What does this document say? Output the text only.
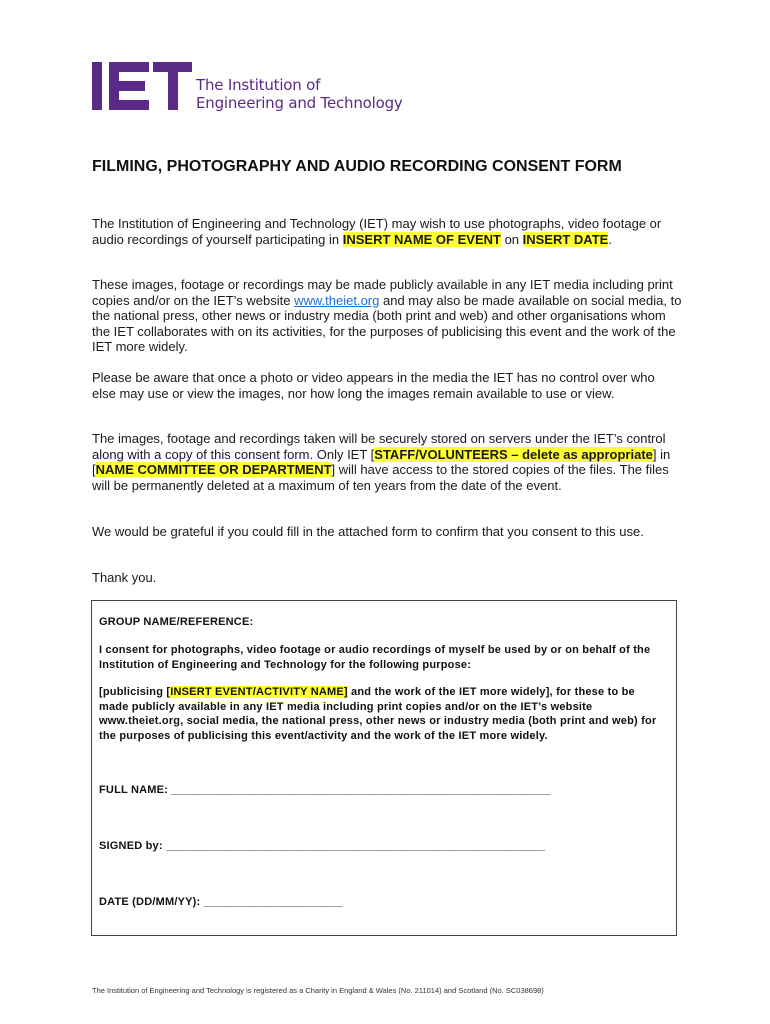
The Institution of
Engineering and Technology
FILMING, PHOTOGRAPHY AND AUDIO RECORDING CONSENT FORM

The Institution of Engineering and Technology (IET) may wish to use photographs, video footage or audio recordings of yourself participating in INSERT NAME OF EVENT on INSERT DATE.

These images, footage or recordings may be made publicly available in any IET media including print copies and/or on the IET’s website www.theiet.org and may also be made available on social media, to the national press, other news or industry media (both print and web) and other organisations whom the IET collaborates with on its activities, for the purposes of publicising this event and the work of the IET more widely.

Please be aware that once a photo or video appears in the media the IET has no control over who else may use or view the images, nor how long the images remain available to use or view.

The images, footage and recordings taken will be securely stored on servers under the IET’s control along with a copy of this consent form. Only IET [STAFF/VOLUNTEERS – delete as appropriate] in [NAME COMMITTEE OR DEPARTMENT] will have access to the stored copies of the files. The files will be permanently deleted at a maximum of ten years from the date of the event.

We would be grateful if you could fill in the attached form to confirm that you consent to this use.

Thank you.

GROUP NAME/REFERENCE:

I consent for photographs, video footage or audio recordings of myself be used by or on behalf of the Institution of Engineering and Technology for the following purpose:

[publicising [INSERT EVENT/ACTIVITY NAME] and the work of the IET more widely], for these to be made publicly available in any IET media including print copies and/or on the IET’s website www.theiet.org, social media, the national press, other news or industry media (both print and web) for the purposes of publicising this event/activity and the work of the IET more widely.

FULL NAME: ____________________________________________________________

SIGNED by: ____________________________________________________________

DATE (DD/MM/YY): ______________________

The Institution of Engineering and Technology is registered as a Charity in England & Wales (No. 211014) and Scotland (No. SC038698)
